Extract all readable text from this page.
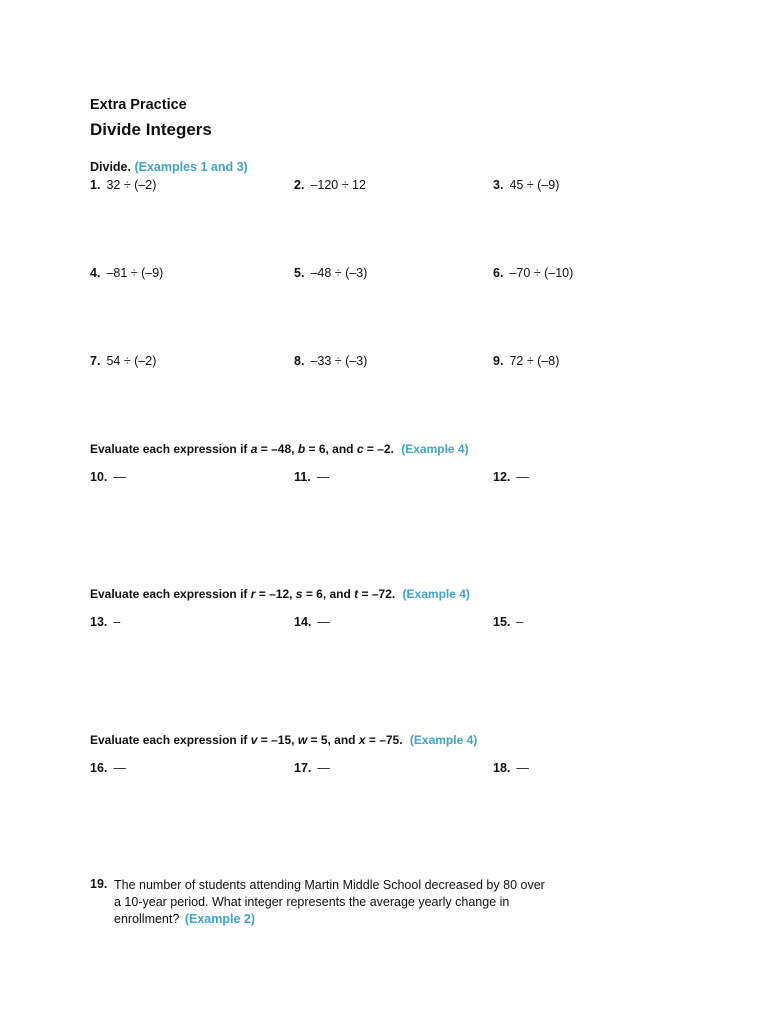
Extra Practice
Divide Integers
Divide. (Examples 1 and 3)
1. 32 ÷ (–2)	2. –120 ÷ 12	3. 45 ÷ (–9)
4. –81 ÷ (–9)	5. –48 ÷ (–3)	6. –70 ÷ (–10)
7. 54 ÷ (–2)	8. –33 ÷ (–3)	9. 72 ÷ (–8)
Evaluate each expression if a = –48, b = 6, and c = –2. (Example 4)
10. —	11. —	12. —
Evaluate each expression if r = –12, s = 6, and t = –72. (Example 4)
13. –	14. —	15. –
Evaluate each expression if v = –15, w = 5, and x = –75. (Example 4)
16. —	17. —	18. —
19. The number of students attending Martin Middle School decreased by 80 over a 10-year period. What integer represents the average yearly change in enrollment? (Example 2)
